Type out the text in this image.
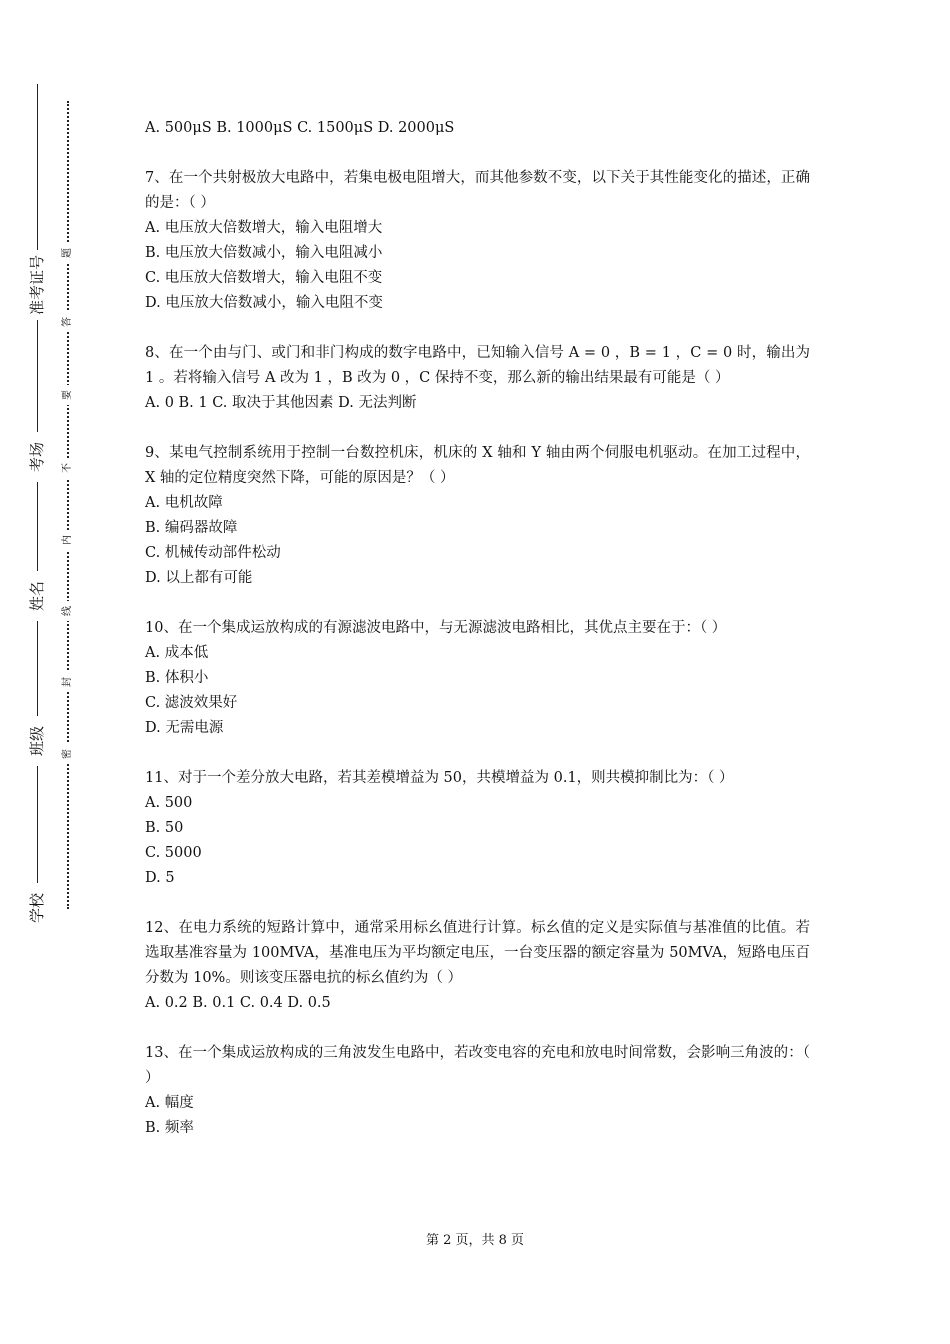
准考证号
考场
姓名
班级
学校
题
答
要
不
内
线
封
密
A. 500μS B. 1000μS C. 1500μS D. 2000μS
7、在一个共射极放大电路中，若集电极电阻增大，而其他参数不变，以下关于其性能变化的描述，正确的是：（ ）
A. 电压放大倍数增大，输入电阻增大
B. 电压放大倍数减小，输入电阻减小
C. 电压放大倍数增大，输入电阻不变
D. 电压放大倍数减小，输入电阻不变
8、在一个由与门、或门和非门构成的数字电路中，已知输入信号 A = 0 ，B = 1 ，C = 0 时，输出为 1 。若将输入信号 A 改为 1 ，B 改为 0 ，C 保持不变，那么新的输出结果最有可能是（ ）
A. 0 B. 1 C. 取决于其他因素 D. 无法判断
9、某电气控制系统用于控制一台数控机床，机床的 X 轴和 Y 轴由两个伺服电机驱动。在加工过程中，X 轴的定位精度突然下降，可能的原因是？（ ）
A. 电机故障
B. 编码器故障
C. 机械传动部件松动
D. 以上都有可能
10、在一个集成运放构成的有源滤波电路中，与无源滤波电路相比，其优点主要在于：（ ）
A. 成本低
B. 体积小
C. 滤波效果好
D. 无需电源
11、对于一个差分放大电路，若其差模增益为 50，共模增益为 0.1，则共模抑制比为：（ ）
A. 500
B. 50
C. 5000
D. 5
12、在电力系统的短路计算中，通常采用标幺值进行计算。标幺值的定义是实际值与基准值的比值。若选取基准容量为 100MVA，基准电压为平均额定电压，一台变压器的额定容量为 50MVA，短路电压百分数为 10%。则该变压器电抗的标幺值约为（ ）
A. 0.2 B. 0.1 C. 0.4 D. 0.5
13、在一个集成运放构成的三角波发生电路中，若改变电容的充电和放电时间常数，会影响三角波的：（ ）
A. 幅度
B. 频率
第 2 页，共 8 页
